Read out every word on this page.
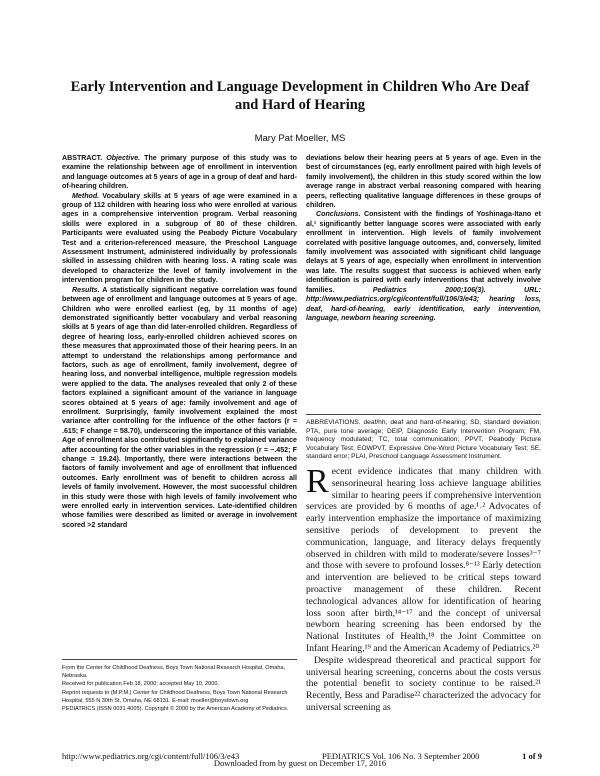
Early Intervention and Language Development in Children Who Are Deaf and Hard of Hearing
Mary Pat Moeller, MS

ABSTRACT. Objective. The primary purpose of this study was to examine the relationship between age of enrollment in intervention and language outcomes at 5 years of age in a group of deaf and hard-of-hearing children.

Method. Vocabulary skills at 5 years of age were examined in a group of 112 children with hearing loss who were enrolled at various ages in a comprehensive intervention program. Verbal reasoning skills were explored in a subgroup of 80 of these children. Participants were evaluated using the Peabody Picture Vocabulary Test and a criterion-referenced measure, the Preschool Language Assessment Instrument, administered individually by professionals skilled in assessing children with hearing loss. A rating scale was developed to characterize the level of family involvement in the intervention program for children in the study.

Results. A statistically significant negative correlation was found between age of enrollment and language outcomes at 5 years of age. Children who were enrolled earliest (eg, by 11 months of age) demonstrated significantly better vocabulary and verbal reasoning skills at 5 years of age than did later-enrolled children. Regardless of degree of hearing loss, early-enrolled children achieved scores on these measures that approximated those of their hearing peers. In an attempt to understand the relationships among performance and factors, such as age of enrollment, family involvement, degree of hearing loss, and nonverbal intelligence, multiple regression models were applied to the data. The analyses revealed that only 2 of these factors explained a significant amount of the variance in language scores obtained at 5 years of age: family involvement and age of enrollment. Surprisingly, family involvement explained the most variance after controlling for the influence of the other factors (r = .615; F change = 58.70), underscoring the importance of this variable. Age of enrollment also contributed significantly to explained variance after accounting for the other variables in the regression (r = −.452; F change = 19.24). Importantly, there were interactions between the factors of family involvement and age of enrollment that influenced outcomes. Early enrollment was of benefit to children across all levels of family involvement. However, the most successful children in this study were those with high levels of family involvement who were enrolled early in intervention services. Late-identified children whose families were described as limited or average in involvement scored >2 standard

deviations below their hearing peers at 5 years of age. Even in the best of circumstances (eg, early enrollment paired with high levels of family involvement), the children in this study scored within the low average range in abstract verbal reasoning compared with hearing peers, reflecting qualitative language differences in these groups of children.

Conclusions. Consistent with the findings of Yoshinaga-Itano et al,¹ significantly better language scores were associated with early enrollment in intervention. High levels of family involvement correlated with positive language outcomes, and, conversely, limited family involvement was associated with significant child language delays at 5 years of age, especially when enrollment in intervention was late. The results suggest that success is achieved when early identification is paired with early interventions that actively involve families.	Pediatrics 2000;106(3). URL: http://www.pediatrics.org/cgi/content/full/106/3/e43; hearing loss, deaf, hard-of-hearing, early identification, early intervention, language, newborn hearing screening.

ABBREVIATIONS. deaf/hh, deaf and hard-of-hearing; SD, standard deviation; PTA, pure tone average; DEIP, Diagnostic Early Intervention Program; FM, frequency modulated; TC, total communication; PPVT, Peabody Picture Vocabulary Test; EOWPVT, Expressive One-Word Picture Vocabulary Test; SE, standard error; PLAI, Preschool Language Assessment Instrument.

Recent evidence indicates that many children with sensorineural hearing loss achieve language abilities similar to hearing peers if comprehensive intervention services are provided by 6 months of age.¹˒² Advocates of early intervention emphasize the importance of maximizing sensitive periods of development to prevent the communication, language, and literacy delays frequently observed in children with mild to moderate/severe losses³⁻⁷ and those with severe to profound losses.⁸⁻¹³ Early detection and intervention are believed to be critical steps toward proactive management of these children. Recent technological advances allow for identification of hearing loss soon after birth,¹⁴⁻¹⁷ and the concept of universal newborn hearing screening has been endorsed by the National Institutes of Health,¹⁸ the Joint Committee on Infant Hearing,¹⁹ and the American Academy of Pediatrics.²⁰

Despite widespread theoretical and practical support for universal hearing screening, concerns about the costs versus the potential benefit to society continue to be raised.²¹ Recently, Bess and Paradise²² characterized the advocacy for universal screening as

From the Center for Childhood Deafness, Boys Town National Research Hospital, Omaha, Nebraska.
Received for publication Feb 18, 2000; accepted May 10, 2000.
Reprint requests to (M.P.M.) Center for Childhood Deafness, Boys Town National Research Hospital, 555 N 30th St, Omaha, NE 68131. E-mail: moeller@boystown.org
PEDIATRICS (ISSN 0031 4005). Copyright © 2000 by the American Academy of Pediatrics.
http://www.pediatrics.org/cgi/content/full/106/3/e43	PEDIATRICS Vol. 106 No. 3 September 2000	1 of 9
Downloaded from by guest on December 17, 2016
